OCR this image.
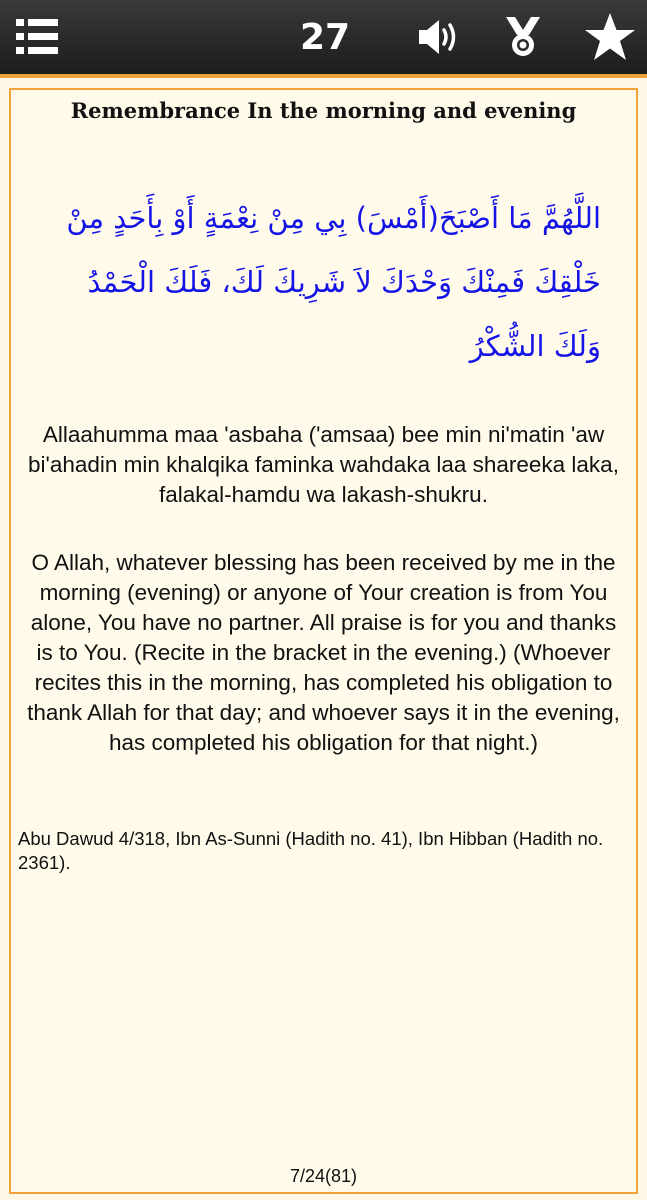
27
Remembrance In the morning and evening
اللَّهُمَّ مَا أَصْبَحَ(أَمْسَ) بِي مِنْ نِعْمَةٍ أَوْ بِأَحَدٍ مِنْ خَلْقِكَ فَمِنْكَ وَحْدَكَ لاَ شَرِيكَ لَكَ، فَلَكَ الْحَمْدُ وَلَكَ الشُّكْرُ
Allaahumma maa 'asbaha ('amsaa) bee min ni'matin 'aw bi'ahadin min khalqika faminka wahdaka laa shareeka laka, falakal-hamdu wa lakash-shukru.
O Allah, whatever blessing has been received by me in the morning (evening) or anyone of Your creation is from You alone, You have no partner. All praise is for you and thanks is to You. (Recite in the bracket in the evening.) (Whoever recites this in the morning, has completed his obligation to thank Allah for that day; and whoever says it in the evening, has completed his obligation for that night.)
Abu Dawud 4/318, Ibn As-Sunni (Hadith no. 41), Ibn Hibban (Hadith no. 2361).
7/24(81)
